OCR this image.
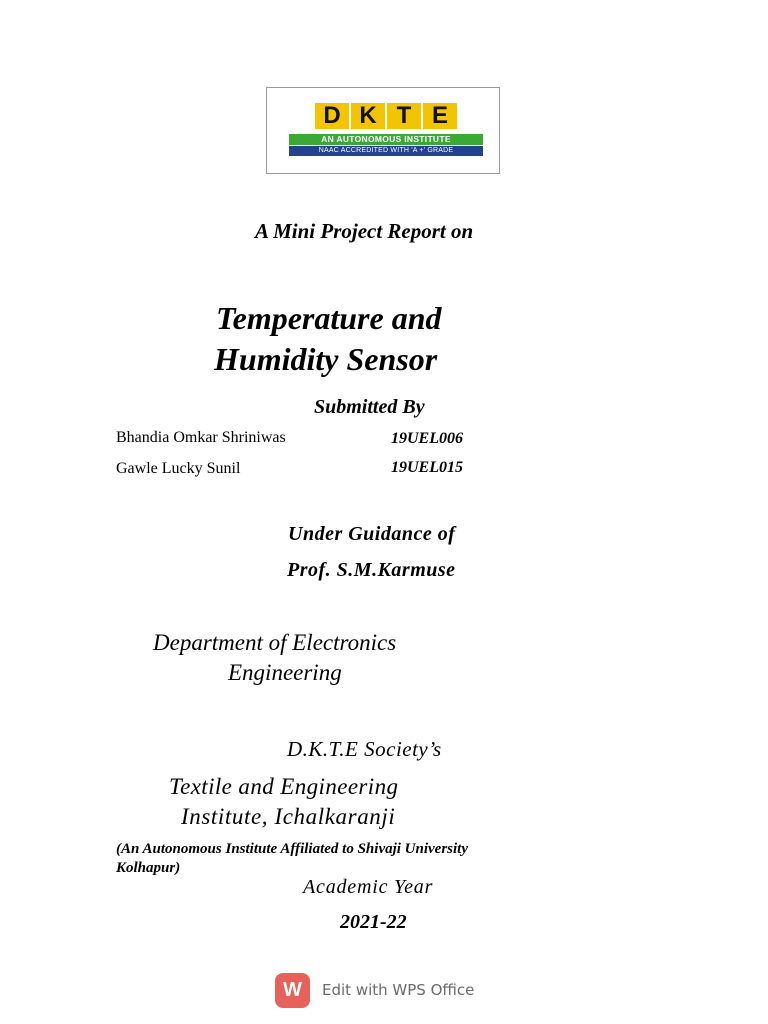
D K T E
AN AUTONOMOUS INSTITUTE
NAAC ACCREDITED WITH 'A +' GRADE
A Mini Project Report on
Temperature and
Humidity Sensor
Submitted By
Bhandia Omkar Shriniwas	19UEL006
Gawle Lucky Sunil	19UEL015
Under Guidance of
Prof. S.M.Karmuse
Department of Electronics
Engineering
D.K.T.E Society’s
Textile and Engineering
Institute, Ichalkaranji
(An Autonomous Institute Affiliated to Shivaji University Kolhapur)
Academic Year
2021-22
W	Edit with WPS Office
